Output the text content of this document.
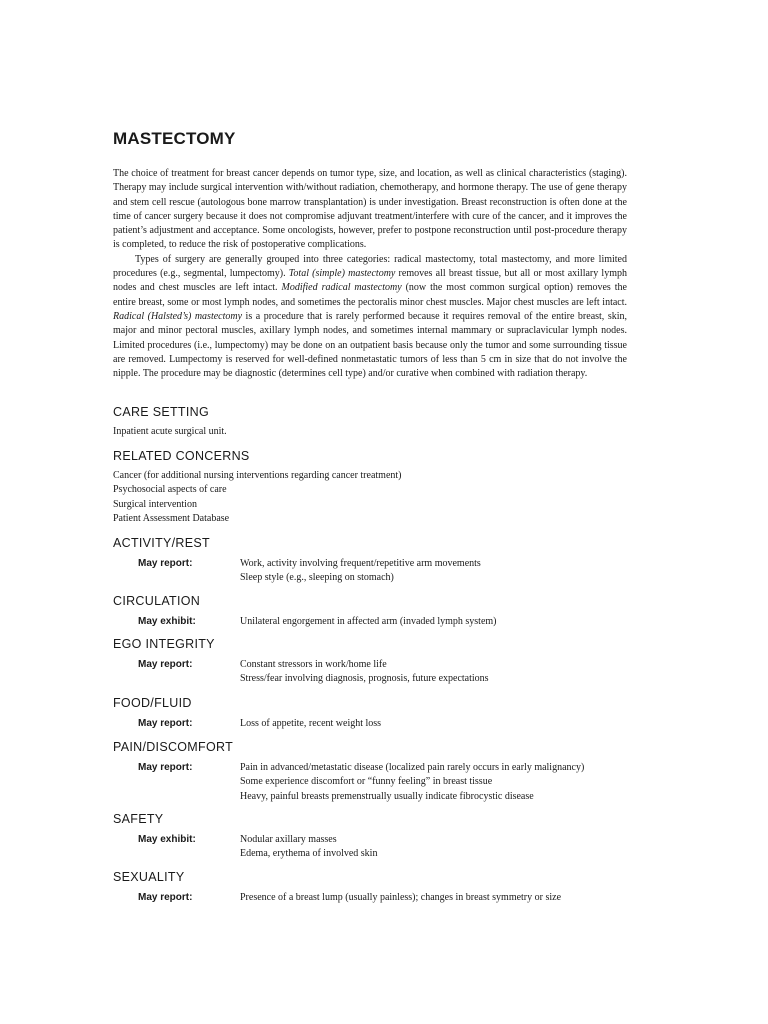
MASTECTOMY

The choice of treatment for breast cancer depends on tumor type, size, and location, as well as clinical characteristics (staging). Therapy may include surgical intervention with/without radiation, chemotherapy, and hormone therapy. The use of gene therapy and stem cell rescue (autologous bone marrow transplantation) is under investigation. Breast reconstruction is often done at the time of cancer surgery because it does not compromise adjuvant treatment/interfere with cure of the cancer, and it improves the patient’s adjustment and acceptance. Some oncologists, however, prefer to postpone reconstruction until post-procedure therapy is completed, to reduce the risk of postoperative complications.

Types of surgery are generally grouped into three categories: radical mastectomy, total mastectomy, and more limited procedures (e.g., segmental, lumpectomy). Total (simple) mastectomy removes all breast tissue, but all or most axillary lymph nodes and chest muscles are left intact. Modified radical mastectomy (now the most common surgical option) removes the entire breast, some or most lymph nodes, and sometimes the pectoralis minor chest muscles. Major chest muscles are left intact. Radical (Halsted’s) mastectomy is a procedure that is rarely performed because it requires removal of the entire breast, skin, major and minor pectoral muscles, axillary lymph nodes, and sometimes internal mammary or supraclavicular lymph nodes. Limited procedures (i.e., lumpectomy) may be done on an outpatient basis because only the tumor and some surrounding tissue are removed. Lumpectomy is reserved for well-defined nonmetastatic tumors of less than 5 cm in size that do not involve the nipple. The procedure may be diagnostic (determines cell type) and/or curative when combined with radiation therapy.

CARE SETTING
Inpatient acute surgical unit.
RELATED CONCERNS
Cancer (for additional nursing interventions regarding cancer treatment)
Psychosocial aspects of care
Surgical intervention
Patient Assessment Database
ACTIVITY/REST
May report:	Work, activity involving frequent/repetitive arm movements
Sleep style (e.g., sleeping on stomach)
CIRCULATION
May exhibit:	Unilateral engorgement in affected arm (invaded lymph system)
EGO INTEGRITY
May report:	Constant stressors in work/home life
Stress/fear involving diagnosis, prognosis, future expectations
FOOD/FLUID
May report:	Loss of appetite, recent weight loss
PAIN/DISCOMFORT
May report:	Pain in advanced/metastatic disease (localized pain rarely occurs in early malignancy)
Some experience discomfort or “funny feeling” in breast tissue
Heavy, painful breasts premenstrually usually indicate fibrocystic disease
SAFETY
May exhibit:	Nodular axillary masses
Edema, erythema of involved skin
SEXUALITY
May report:	Presence of a breast lump (usually painless); changes in breast symmetry or size
